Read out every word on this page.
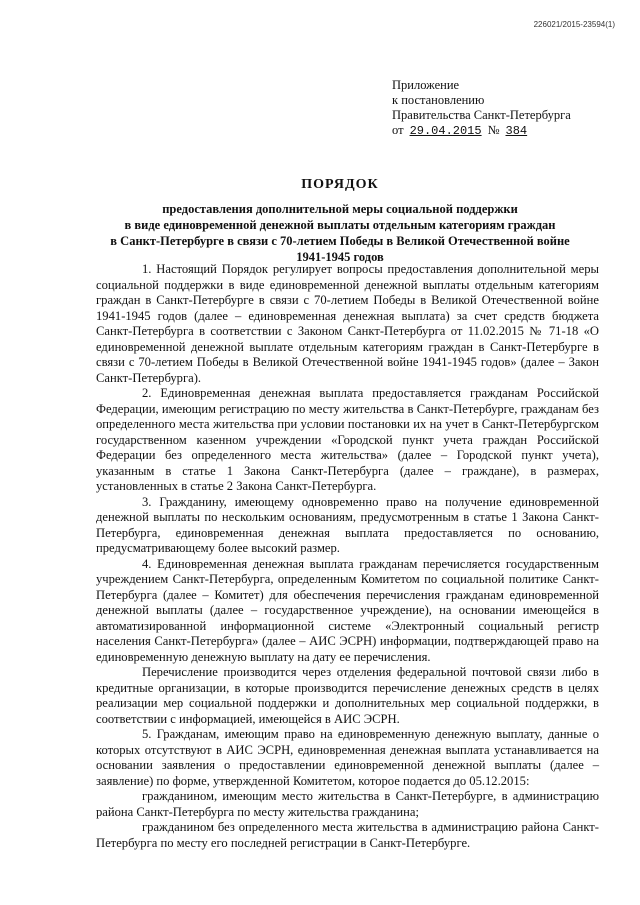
226021/2015-23594(1)
Приложение
к постановлению
Правительства Санкт-Петербурга
от 29.04.2015 № 384
ПОРЯДОК
предоставления дополнительной меры социальной поддержки
в виде единовременной денежной выплаты отдельным категориям граждан
в Санкт-Петербурге в связи с 70-летием Победы в Великой Отечественной войне
1941-1945 годов

1. Настоящий Порядок регулирует вопросы предоставления дополнительной меры социальной поддержки в виде единовременной денежной выплаты отдельным категориям граждан в Санкт-Петербурге в связи с 70-летием Победы в Великой Отечественной войне 1941-1945 годов (далее – единовременная денежная выплата) за счет средств бюджета Санкт-Петербурга в соответствии с Законом Санкт-Петербурга от 11.02.2015 № 71-18 «О единовременной денежной выплате отдельным категориям граждан в Санкт-Петербурге в связи с 70-летием Победы в Великой Отечественной войне 1941-1945 годов» (далее – Закон Санкт-Петербурга).

2. Единовременная денежная выплата предоставляется гражданам Российской Федерации, имеющим регистрацию по месту жительства в Санкт-Петербурге, гражданам без определенного места жительства при условии постановки их на учет в Санкт-Петербургском государственном казенном учреждении «Городской пункт учета граждан Российской Федерации без определенного места жительства» (далее – Городской пункт учета), указанным в статье 1 Закона Санкт-Петербурга (далее – граждане), в размерах, установленных в статье 2 Закона Санкт-Петербурга.

3. Гражданину, имеющему одновременно право на получение единовременной денежной выплаты по нескольким основаниям, предусмотренным в статье 1 Закона Санкт-Петербурга, единовременная денежная выплата предоставляется по основанию, предусматривающему более высокий размер.

4. Единовременная денежная выплата гражданам перечисляется государственным учреждением Санкт-Петербурга, определенным Комитетом по социальной политике Санкт-Петербурга (далее – Комитет) для обеспечения перечисления гражданам единовременной денежной выплаты (далее – государственное учреждение), на основании имеющейся в автоматизированной информационной системе «Электронный социальный регистр населения Санкт-Петербурга» (далее – АИС ЭСРН) информации, подтверждающей право на единовременную денежную выплату на дату ее перечисления.

Перечисление производится через отделения федеральной почтовой связи либо в кредитные организации, в которые производится перечисление денежных средств в целях реализации мер социальной поддержки и дополнительных мер социальной поддержки, в соответствии с информацией, имеющейся в АИС ЭСРН.

5. Гражданам, имеющим право на единовременную денежную выплату, данные о которых отсутствуют в АИС ЭСРН, единовременная денежная выплата устанавливается на основании заявления о предоставлении единовременной денежной выплаты (далее – заявление) по форме, утвержденной Комитетом, которое подается до 05.12.2015:

гражданином, имеющим место жительства в Санкт-Петербурге, в администрацию района Санкт-Петербурга по месту жительства гражданина;

гражданином без определенного места жительства в администрацию района Санкт-Петербурга по месту его последней регистрации в Санкт-Петербурге.
